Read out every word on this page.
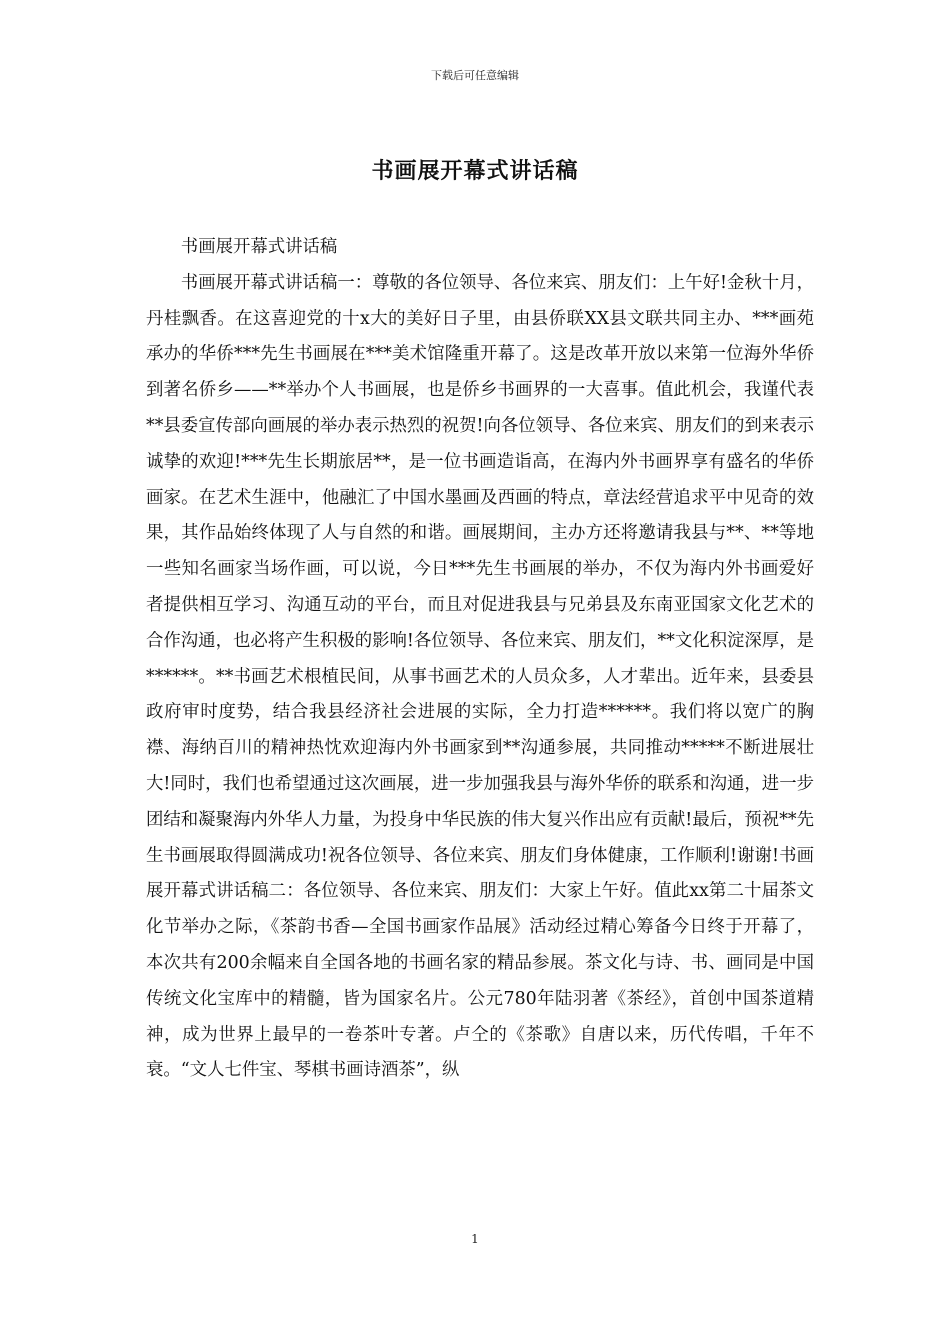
下载后可任意编辑
书画展开幕式讲话稿

书画展开幕式讲话稿

书画展开幕式讲话稿一：尊敬的各位领导、各位来宾、朋友们：上午好!金秋十月，丹桂飘香。在这喜迎党的十x大的美好日子里，由县侨联XX县文联共同主办、***画苑承办的华侨***先生书画展在***美术馆隆重开幕了。这是改革开放以来第一位海外华侨到著名侨乡——**举办个人书画展，也是侨乡书画界的一大喜事。值此机会，我谨代表**县委宣传部向画展的举办表示热烈的祝贺!向各位领导、各位来宾、朋友们的到来表示诚挚的欢迎!***先生长期旅居**，是一位书画造诣高，在海内外书画界享有盛名的华侨画家。在艺术生涯中，他融汇了中国水墨画及西画的特点，章法经营追求平中见奇的效果，其作品始终体现了人与自然的和谐。画展期间，主办方还将邀请我县与**、**等地一些知名画家当场作画，可以说，今日***先生书画展的举办，不仅为海内外书画爱好者提供相互学习、沟通互动的平台，而且对促进我县与兄弟县及东南亚国家文化艺术的合作沟通，也必将产生积极的影响!各位领导、各位来宾、朋友们，**文化积淀深厚，是******。**书画艺术根植民间，从事书画艺术的人员众多，人才辈出。近年来，县委县政府审时度势，结合我县经济社会进展的实际，全力打造******。我们将以宽广的胸襟、海纳百川的精神热忱欢迎海内外书画家到**沟通参展，共同推动*****不断进展壮大!同时，我们也希望通过这次画展，进一步加强我县与海外华侨的联系和沟通，进一步团结和凝聚海内外华人力量，为投身中华民族的伟大复兴作出应有贡献!最后，预祝**先生书画展取得圆满成功!祝各位领导、各位来宾、朋友们身体健康，工作顺利!谢谢!书画展开幕式讲话稿二：各位领导、各位来宾、朋友们：大家上午好。值此xx第二十届茶文化节举办之际，《茶韵书香—全国书画家作品展》活动经过精心筹备今日终于开幕了，本次共有200余幅来自全国各地的书画名家的精品参展。茶文化与诗、书、画同是中国传统文化宝库中的精髓，皆为国家名片。公元780年陆羽著《茶经》，首创中国茶道精神，成为世界上最早的一卷茶叶专著。卢仝的《茶歌》自唐以来，历代传唱，千年不衰。“文人七件宝、琴棋书画诗酒茶”，纵

1
